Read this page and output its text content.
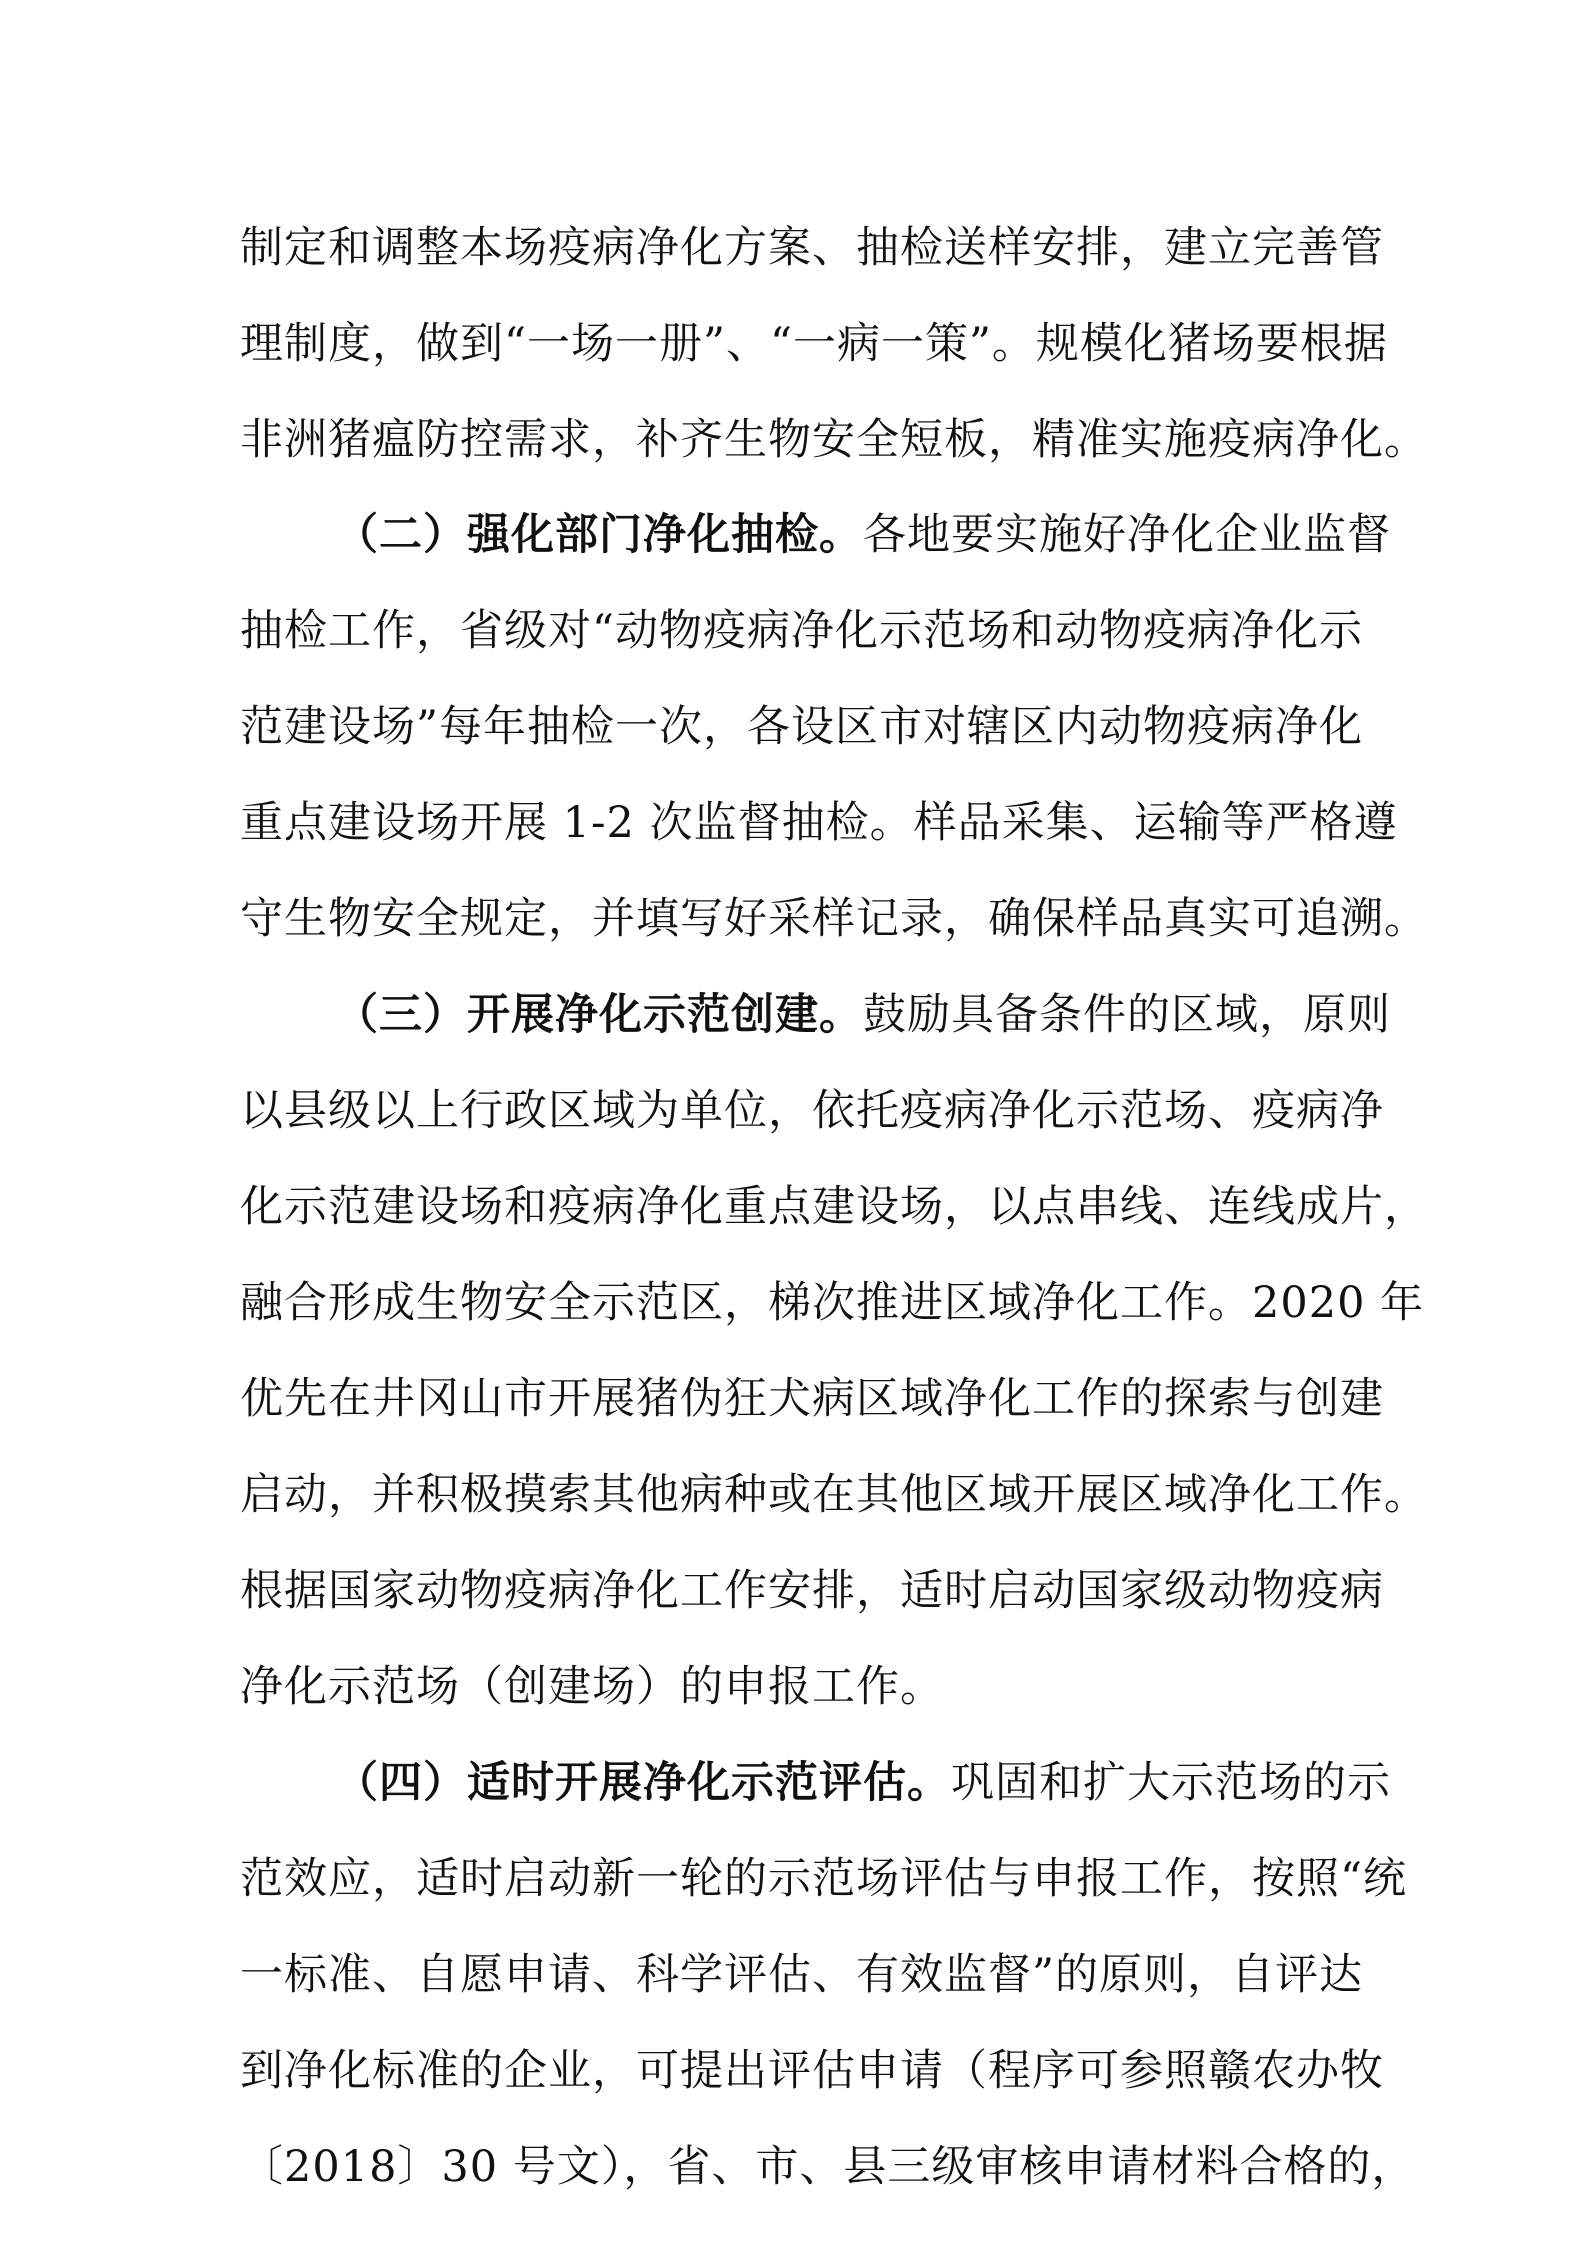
制定和调整本场疫病净化方案、抽检送样安排，建立完善管
理制度，做到“一场一册”、“一病一策”。规模化猪场要根据
非洲猪瘟防控需求，补齐生物安全短板，精准实施疫病净化。
（二）强化部门净化抽检。各地要实施好净化企业监督
抽检工作，省级对“动物疫病净化示范场和动物疫病净化示
范建设场”每年抽检一次，各设区市对辖区内动物疫病净化
重点建设场开展 1-2 次监督抽检。样品采集、运输等严格遵
守生物安全规定，并填写好采样记录，确保样品真实可追溯。
（三）开展净化示范创建。鼓励具备条件的区域，原则
以县级以上行政区域为单位，依托疫病净化示范场、疫病净
化示范建设场和疫病净化重点建设场，以点串线、连线成片，
融合形成生物安全示范区，梯次推进区域净化工作。2020 年
优先在井冈山市开展猪伪狂犬病区域净化工作的探索与创建
启动，并积极摸索其他病种或在其他区域开展区域净化工作。
根据国家动物疫病净化工作安排，适时启动国家级动物疫病
净化示范场（创建场）的申报工作。
（四）适时开展净化示范评估。巩固和扩大示范场的示
范效应，适时启动新一轮的示范场评估与申报工作，按照“统
一标准、自愿申请、科学评估、有效监督”的原则，自评达
到净化标准的企业，可提出评估申请（程序可参照赣农办牧
〔2018〕30 号文），省、市、县三级审核申请材料合格的，
